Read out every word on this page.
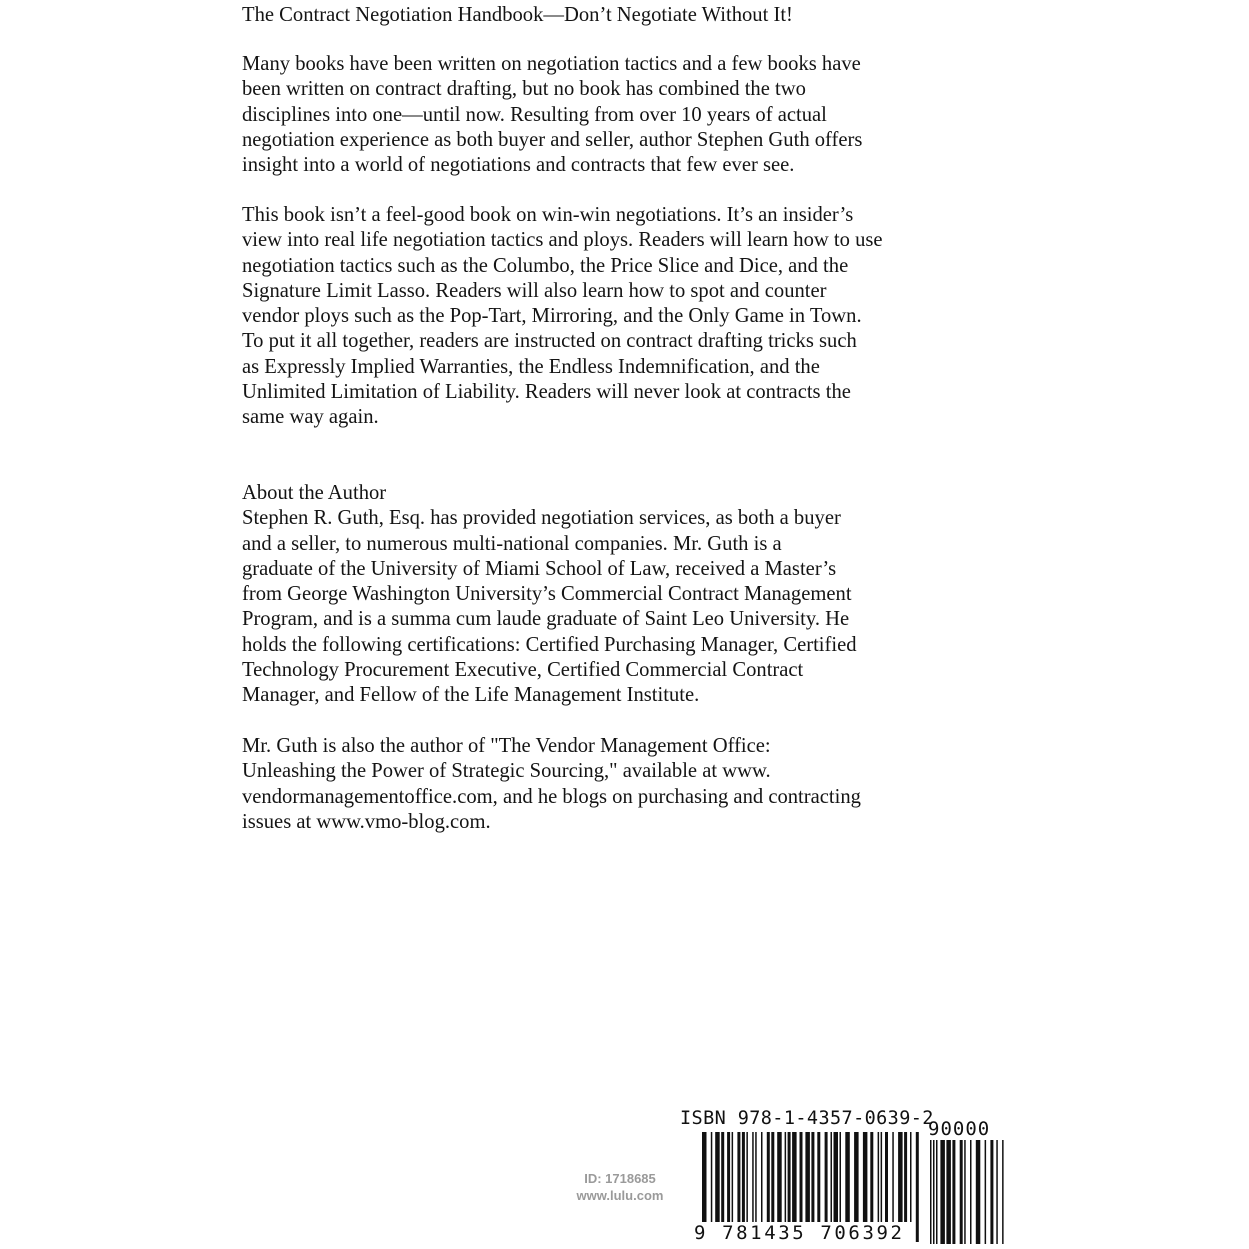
The Contract Negotiation Handbook—Don’t Negotiate Without It!
Many books have been written on negotiation tactics and a few books have
been written on contract drafting, but no book has combined the two
disciplines into one—until now. Resulting from over 10 years of actual
negotiation experience as both buyer and seller, author Stephen Guth offers
insight into a world of negotiations and contracts that few ever see.
This book isn’t a feel-good book on win-win negotiations. It’s an insider’s
view into real life negotiation tactics and ploys. Readers will learn how to use
negotiation tactics such as the Columbo, the Price Slice and Dice, and the
Signature Limit Lasso. Readers will also learn how to spot and counter
vendor ploys such as the Pop-Tart, Mirroring, and the Only Game in Town.
To put it all together, readers are instructed on contract drafting tricks such
as Expressly Implied Warranties, the Endless Indemnification, and the
Unlimited Limitation of Liability. Readers will never look at contracts the
same way again.
About the Author
Stephen R. Guth, Esq. has provided negotiation services, as both a buyer
and a seller, to numerous multi-national companies. Mr. Guth is a
graduate of the University of Miami School of Law, received a Master’s
from George Washington University’s Commercial Contract Management
Program, and is a summa cum laude graduate of Saint Leo University. He
holds the following certifications: Certified Purchasing Manager, Certified
Technology Procurement Executive, Certified Commercial Contract
Manager, and Fellow of the Life Management Institute.
Mr. Guth is also the author of "The Vendor Management Office:
Unleashing the Power of Strategic Sourcing," available at www.
vendormanagementoffice.com, and he blogs on purchasing and contracting
issues at www.vmo-blog.com.
ID: 1718685
www.lulu.com
ISBN 978-1-4357-0639-2
90000
9 781435 706392
